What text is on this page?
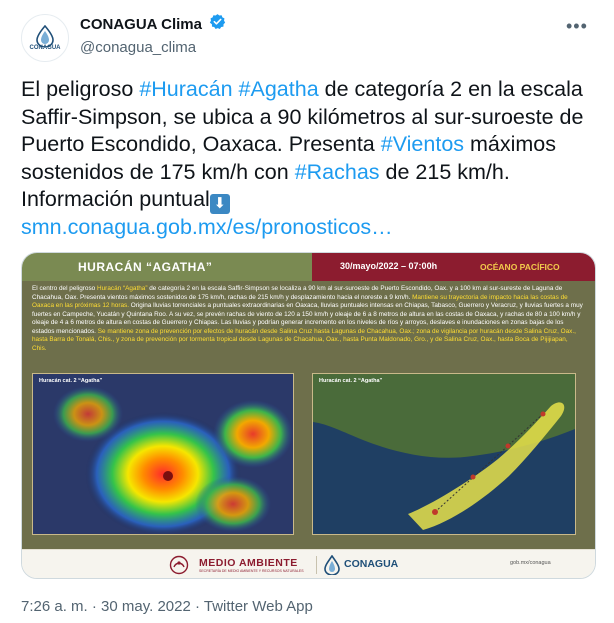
CONAGUA
CONAGUA Clima
@conagua_clima
•••
El peligroso #Huracán #Agatha de categoría 2 en la escala Saffir-Simpson, se ubica a 90 kilómetros al sur-suroeste de Puerto Escondido, Oaxaca. Presenta #Vientos máximos sostenidos de 175 km/h con #Rachas de 215 km/h. Información puntual ⬇
smn.conagua.gob.mx/es/pronosticos…
HURACÁN “AGATHA”	30/mayo/2022 – 07:00h	OCÉANO PACÍFICO
El centro del peligroso Huracán “Agatha” de categoría 2 en la escala Saffir-Simpson se localiza a 90 km al sur-suroeste de Puerto Escondido, Oax. y a 100 km al sur-sureste de Laguna de Chacahua, Oax. Presenta vientos máximos sostenidos de 175 km/h, rachas de 215 km/h y desplazamiento hacia el noreste a 9 km/h. Mantiene su trayectoria de impacto hacia las costas de Oaxaca en las próximas 12 horas. Origina lluvias torrenciales a puntuales extraordinarias en Oaxaca, lluvias puntuales intensas en Chiapas, Tabasco, Guerrero y Veracruz, y lluvias fuertes a muy fuertes en Campeche, Yucatán y Quintana Roo. A su vez, se prevén rachas de viento de 120 a 150 km/h y oleaje de 6 a 8 metros de altura en las costas de Oaxaca, y rachas de 80 a 100 km/h y oleaje de 4 a 6 metros de altura en costas de Guerrero y Chiapas. Las lluvias y podrían generar incremento en los niveles de ríos y arroyos, deslaves e inundaciones en zonas bajas de los estados mencionados. Se mantiene zona de prevención por efectos de huracán desde Salina Cruz hasta Lagunas de Chacahua, Oax.; zona de vigilancia por huracán desde Salina Cruz, Oax., hasta Barra de Tonalá, Chis., y zona de prevención por tormenta tropical desde Lagunas de Chacahua, Oax., hasta Punta Maldonado, Gro., y de Salina Cruz, Oax., hasta Boca de Pijijiapan, Chis.
Huracán cat. 2 “Agatha”	Huracán cat. 2 “Agatha”
MEDIO AMBIENTE
SECRETARÍA DE MEDIO AMBIENTE Y RECURSOS NATURALES
CONAGUA	gob.mx/conagua
7:26 a. m. · 30 may. 2022 · Twitter Web App
